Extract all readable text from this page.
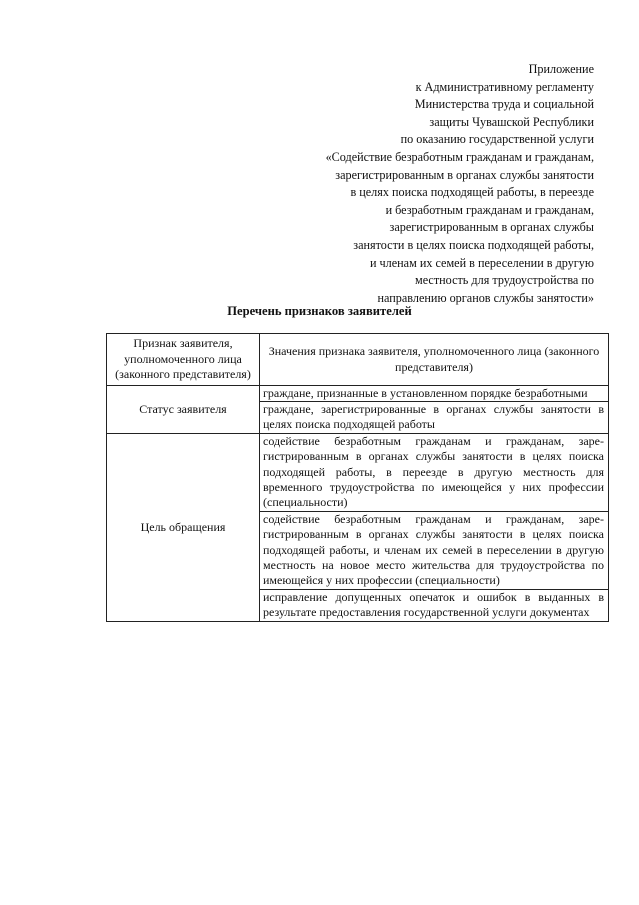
Приложение
к Административному регламенту
Министерства труда и социальной
защиты Чувашской Республики
по оказанию государственной услуги
«Содействие безработным гражданам и гражданам,
зарегистрированным в органах службы занятости
в целях поиска подходящей работы, в переезде
и безработным гражданам и гражданам,
зарегистрированным в органах службы
занятости в целях поиска подходящей работы,
и членам их семей в переселении в другую
местность для трудоустройства по
направлению органов службы занятости»
Перечень признаков заявителей
Признак заявителя, уполномоченного лица (законного представителя)	Значения признака заявителя, уполномоченного лица (законного представителя)
Статус заявителя	граждане, признанные в установленном порядке безработными
	граждане, зарегистрированные в органах службы занятости в целях поиска подходящей работы
Цель обращения	содействие безработным гражданам и гражданам, зарегистрированным в органах службы занятости в целях поиска подходящей работы, в переезде в другую местность для временного трудоустройства по имеющейся у них профессии (специальности)
	содействие безработным гражданам и гражданам, зарегистрированным в органах службы занятости в целях поиска подходящей работы, и членам их семей в переселении в другую местность на новое место жительства для трудоустройства по имеющейся у них профессии (специальности)
	исправление допущенных опечаток и ошибок в выданных в результате предоставления государственной услуги документах
